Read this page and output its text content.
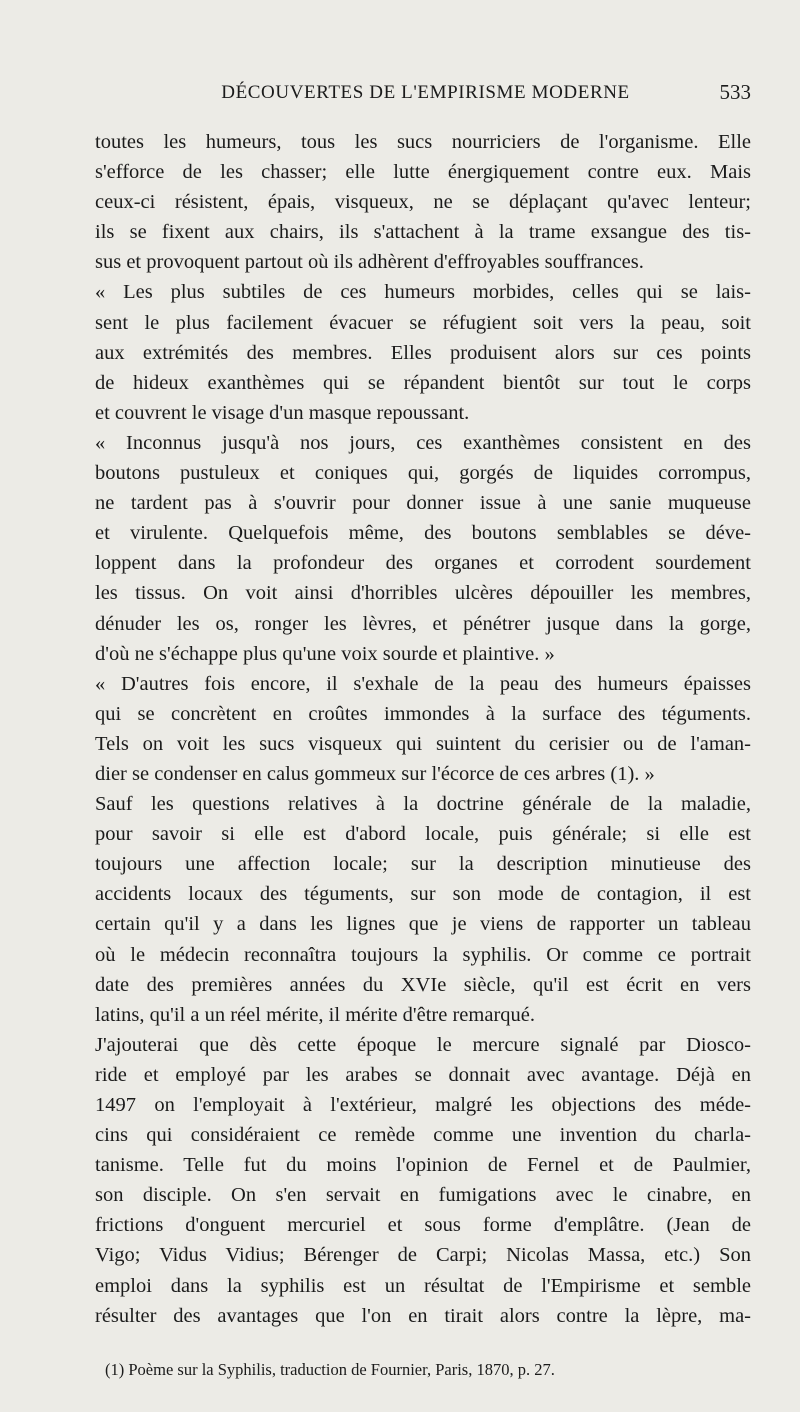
DÉCOUVERTES DE L'EMPIRISME MODERNE	533
toutes les humeurs, tous les sucs nourriciers de l'organisme. Elle
s'efforce de les chasser; elle lutte énergiquement contre eux. Mais
ceux-ci résistent, épais, visqueux, ne se déplaçant qu'avec lenteur;
ils se fixent aux chairs, ils s'attachent à la trame exsangue des tis-
sus et provoquent partout où ils adhèrent d'effroyables souffrances.
« Les plus subtiles de ces humeurs morbides, celles qui se lais-
sent le plus facilement évacuer se réfugient soit vers la peau, soit
aux extrémités des membres. Elles produisent alors sur ces points
de hideux exanthèmes qui se répandent bientôt sur tout le corps
et couvrent le visage d'un masque repoussant.
« Inconnus jusqu'à nos jours, ces exanthèmes consistent en des
boutons pustuleux et coniques qui, gorgés de liquides corrompus,
ne tardent pas à s'ouvrir pour donner issue à une sanie muqueuse
et virulente. Quelquefois même, des boutons semblables se déve-
loppent dans la profondeur des organes et corrodent sourdement
les tissus. On voit ainsi d'horribles ulcères dépouiller les membres,
dénuder les os, ronger les lèvres, et pénétrer jusque dans la gorge,
d'où ne s'échappe plus qu'une voix sourde et plaintive. »
« D'autres fois encore, il s'exhale de la peau des humeurs épaisses
qui se concrètent en croûtes immondes à la surface des téguments.
Tels on voit les sucs visqueux qui suintent du cerisier ou de l'aman-
dier se condenser en calus gommeux sur l'écorce de ces arbres (1). »
Sauf les questions relatives à la doctrine générale de la maladie,
pour savoir si elle est d'abord locale, puis générale; si elle est
toujours une affection locale; sur la description minutieuse des
accidents locaux des téguments, sur son mode de contagion, il est
certain qu'il y a dans les lignes que je viens de rapporter un tableau
où le médecin reconnaîtra toujours la syphilis. Or comme ce portrait
date des premières années du XVIe siècle, qu'il est écrit en vers
latins, qu'il a un réel mérite, il mérite d'être remarqué.
J'ajouterai que dès cette époque le mercure signalé par Diosco-
ride et employé par les arabes se donnait avec avantage. Déjà en
1497 on l'employait à l'extérieur, malgré les objections des méde-
cins qui considéraient ce remède comme une invention du charla-
tanisme. Telle fut du moins l'opinion de Fernel et de Paulmier,
son disciple. On s'en servait en fumigations avec le cinabre, en
frictions d'onguent mercuriel et sous forme d'emplâtre. (Jean de
Vigo; Vidus Vidius; Bérenger de Carpi; Nicolas Massa, etc.) Son
emploi dans la syphilis est un résultat de l'Empirisme et semble
résulter des avantages que l'on en tirait alors contre la lèpre, ma-
(1) Poème sur la Syphilis, traduction de Fournier, Paris, 1870, p. 27.
